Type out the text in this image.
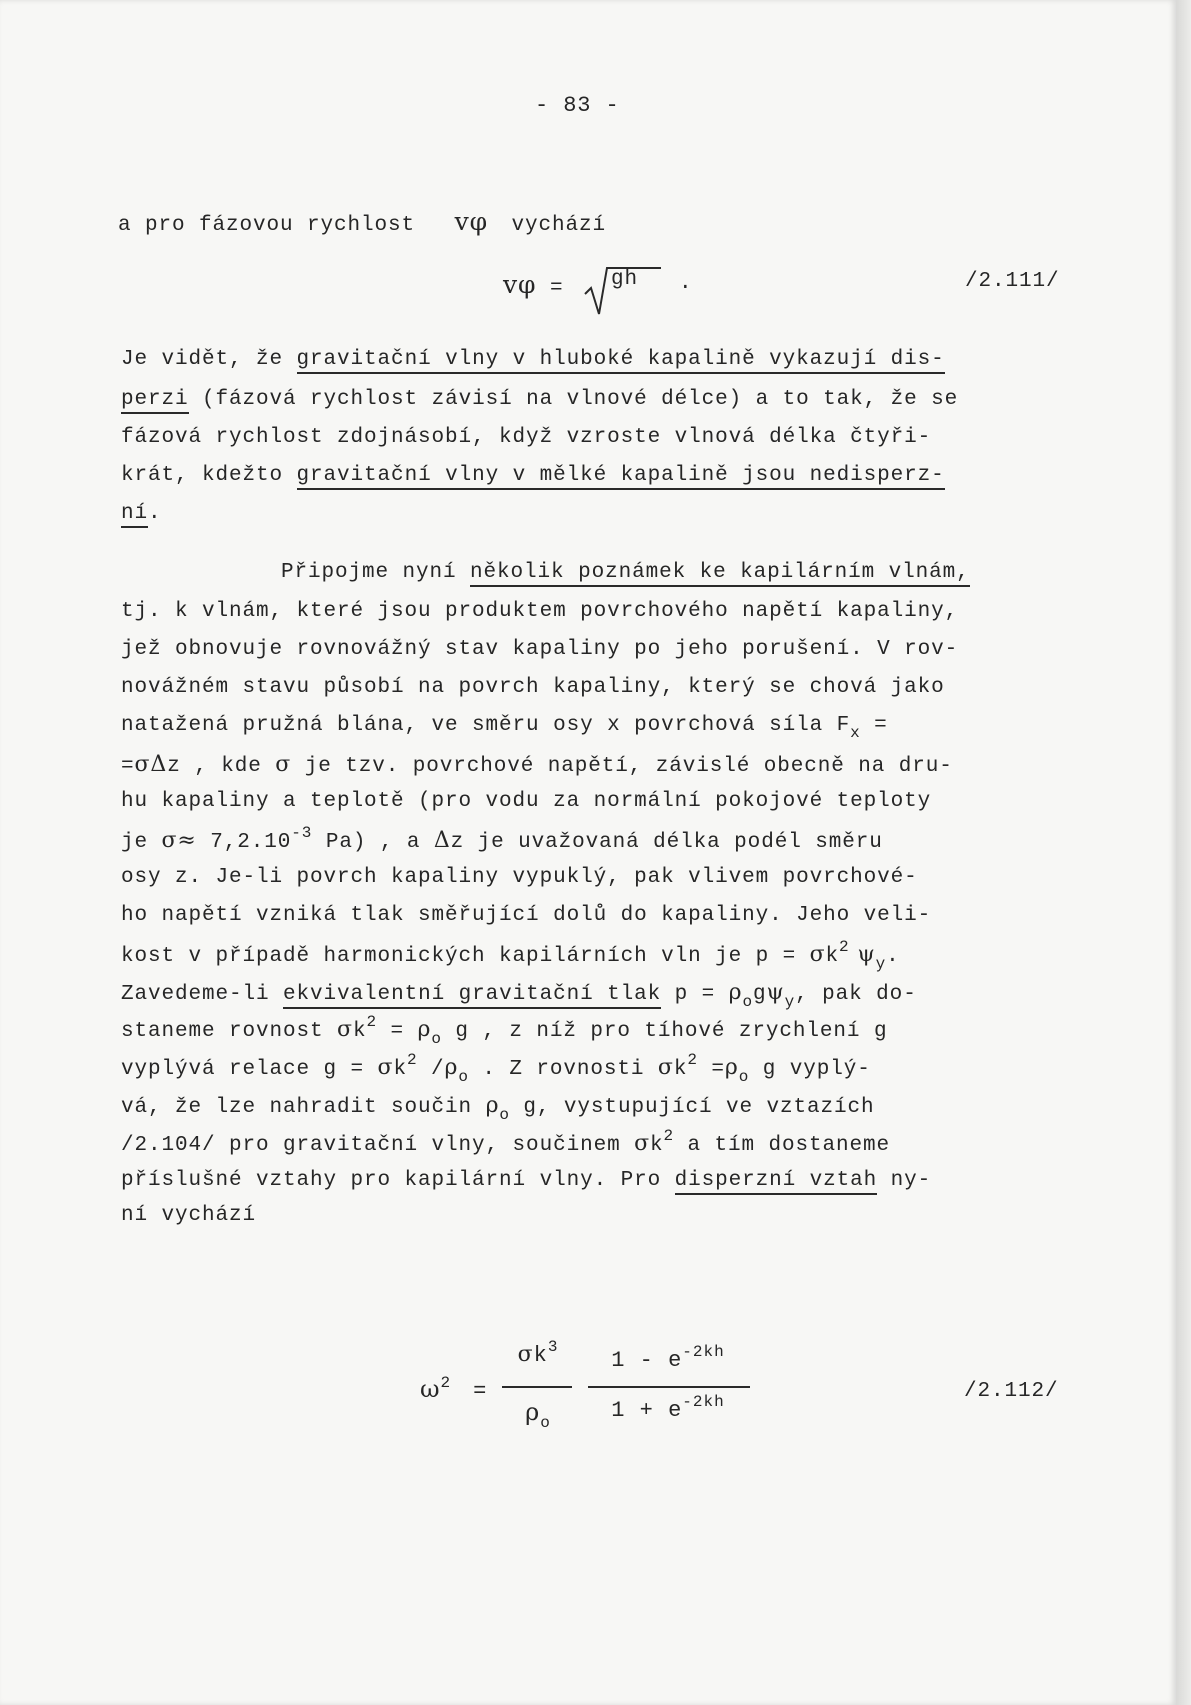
- 83 -
a pro fázovou rychlost vφ vychází
vφ = gh .	/2.111/
Je vidět, že gravitační vlny v hluboké kapalině vykazují dis-
perzi (fázová rychlost závisí na vlnové délce) a to tak, že se
fázová rychlost zdojnásobí, když vzroste vlnová délka čtyři-
krát, kdežto gravitační vlny v mělké kapalině jsou nedisperz-
ní.
Připojme nyní několik poznámek ke kapilárním vlnám,
tj. k vlnám, které jsou produktem povrchového napětí kapaliny,
jež obnovuje rovnovážný stav kapaliny po jeho porušení. V rov-
novážném stavu působí na povrch kapaliny, který se chová jako
natažená pružná blána, ve směru osy x povrchová síla $F_x$ =
=σΔz , kde σ je tzv. povrchové napětí, závislé obecně na dru-
hu kapaliny a teplotě (pro vodu za normální pokojové teploty
je $\sigma\approx 7,2.10^{-3}$ Pa) , a Δz je uvažovaná délka podél směru
osy z. Je-li povrch kapaliny vypuklý, pak vlivem povrchové-
ho napětí vzniká tlak směřující dolů do kapaliny. Jeho veli-
kost v případě harmonických kapilárních vln je $p = \sigma k^2$ $\psi_y$.
Zavedeme-li ekvivalentní gravitační tlak $p = \rho_og\psi_y$, pak do-
staneme rovnost $\sigma k^2 = \rho_o$ g , z níž pro tíhové zrychlení g
vyplývá relace $g = \sigma k^2$ $/\rho_o$ . Z rovnosti $\sigma k^2 =\rho_o$ g vyplý-
vá, že lze nahradit součin $\rho_o$ g, vystupující ve vztazích
/2.104/ pro gravitační vlny, součinem $\sigma k^2$ a tím dostaneme
příslušné vztahy pro kapilární vlny. Pro disperzní vztah ny-
ní vychází
$\omega^2$ =
$\sigma k^3$
$\rho_o$
$1 - e^{-2kh}$
$1 + e^{-2kh}$	/2.112/
